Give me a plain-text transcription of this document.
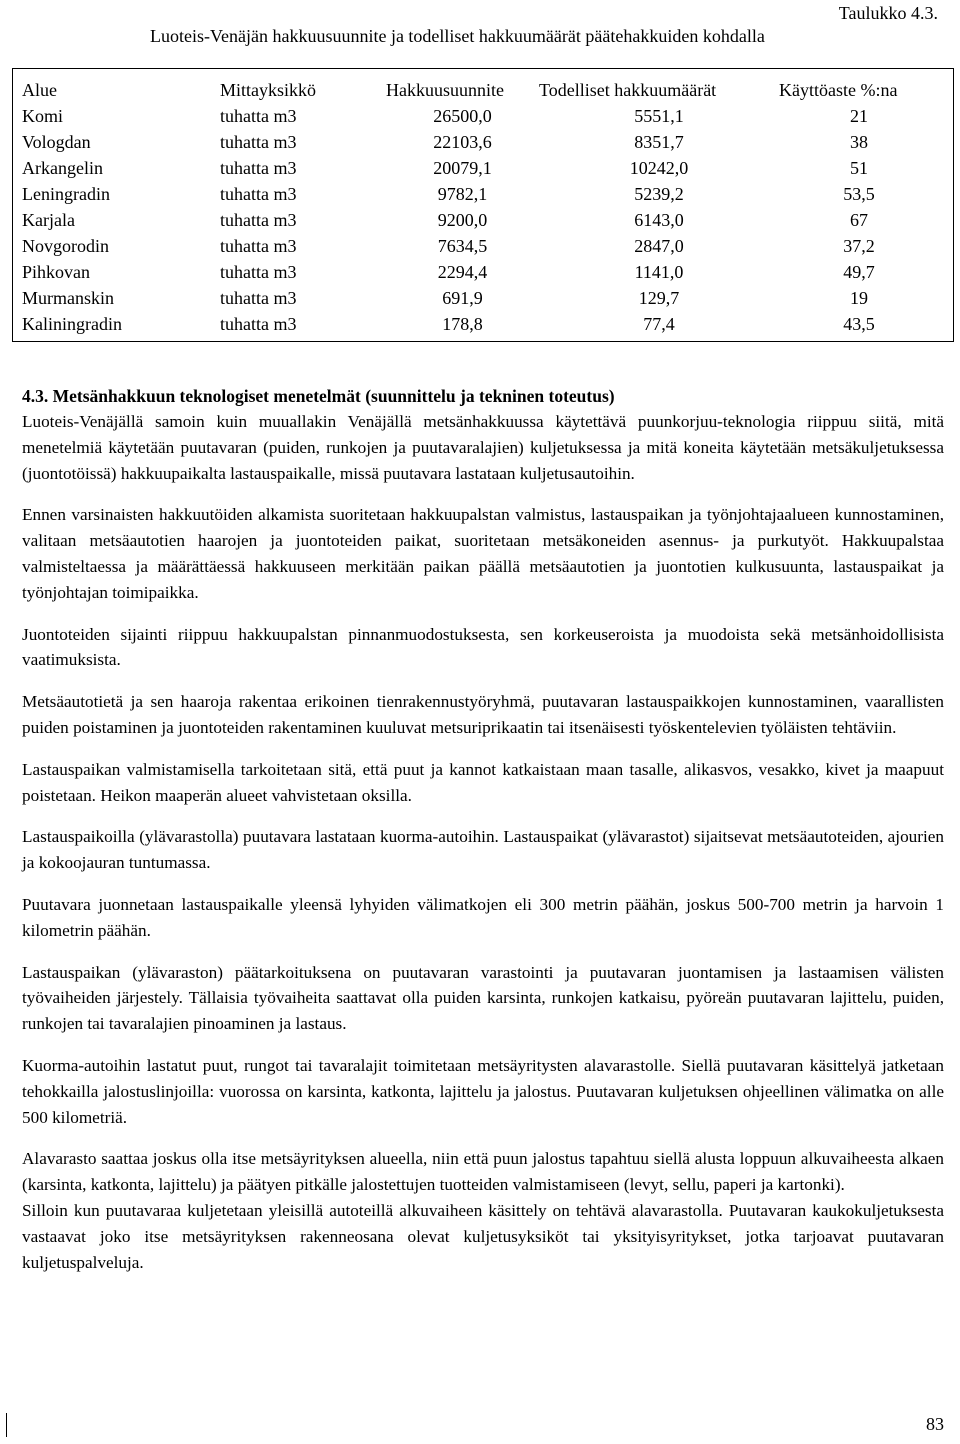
Taulukko 4.3.
Luoteis-Venäjän hakkuusuunnite ja todelliset hakkuumäärät päätehakkuiden kohdalla
Alue	Mittayksikkö	Hakkuusuunnite	Todelliset hakkuumäärät	Käyttöaste %:na
Komi	tuhatta m3	26500,0	5551,1	21
Vologdan	tuhatta m3	22103,6	8351,7	38
Arkangelin	tuhatta m3	20079,1	10242,0	51
Leningradin	tuhatta m3	9782,1	5239,2	53,5
Karjala	tuhatta m3	9200,0	6143,0	67
Novgorodin	tuhatta m3	7634,5	2847,0	37,2
Pihkovan	tuhatta m3	2294,4	1141,0	49,7
Murmanskin	tuhatta m3	691,9	129,7	19
Kaliningradin	tuhatta m3	178,8	77,4	43,5
4.3. Metsänhakkuun teknologiset menetelmät (suunnittelu ja tekninen toteutus)

Luoteis-Venäjällä samoin kuin muuallakin Venäjällä metsänhakkuussa käytettävä puunkorjuu-teknologia riippuu siitä, mitä menetelmiä käytetään puutavaran (puiden, runkojen ja puutavaralajien) kuljetuksessa ja mitä koneita käytetään metsäkuljetuksessa (juontotöissä) hakkuupaikalta lastauspaikalle, missä puutavara lastataan kuljetusautoihin.

Ennen varsinaisten hakkuutöiden alkamista suoritetaan hakkuupalstan valmistus, lastauspaikan ja työnjohtajaalueen kunnostaminen, valitaan metsäautotien haarojen ja juontoteiden paikat, suoritetaan metsäkoneiden asennus- ja purkutyöt. Hakkuupalstaa valmisteltaessa ja määrättäessä hakkuuseen merkitään paikan päällä metsäautotien ja juontotien kulkusuunta, lastauspaikat ja työnjohtajan toimipaikka.

Juontoteiden sijainti riippuu hakkuupalstan pinnanmuodostuksesta, sen korkeuseroista ja muodoista sekä metsänhoidollisista vaatimuksista.

Metsäautotietä ja sen haaroja rakentaa erikoinen tienrakennustyöryhmä, puutavaran lastauspaikkojen kunnostaminen, vaarallisten puiden poistaminen ja juontoteiden rakentaminen kuuluvat metsuriprikaatin tai itsenäisesti työskentelevien työläisten tehtäviin.

Lastauspaikan valmistamisella tarkoitetaan sitä, että puut ja kannot katkaistaan maan tasalle, alikasvos, vesakko, kivet ja maapuut poistetaan. Heikon maaperän alueet vahvistetaan oksilla.

Lastauspaikoilla (ylävarastolla) puutavara lastataan kuorma-autoihin. Lastauspaikat (ylävarastot) sijaitsevat metsäautoteiden, ajourien ja kokoojauran tuntumassa.

Puutavara juonnetaan lastauspaikalle yleensä lyhyiden välimatkojen eli 300 metrin päähän, joskus 500-700 metrin ja harvoin 1 kilometrin päähän.

Lastauspaikan (ylävaraston) päätarkoituksena on puutavaran varastointi ja puutavaran juontamisen ja lastaamisen välisten työvaiheiden järjestely. Tällaisia työvaiheita saattavat olla puiden karsinta, runkojen katkaisu, pyöreän puutavaran lajittelu, puiden, runkojen tai tavaralajien pinoaminen ja lastaus.

Kuorma-autoihin lastatut puut, rungot tai tavaralajit toimitetaan metsäyritysten alavarastolle. Siellä puutavaran käsittelyä jatketaan tehokkailla jalostuslinjoilla: vuorossa on karsinta, katkonta, lajittelu ja jalostus. Puutavaran kuljetuksen ohjeellinen välimatka on alle 500 kilometriä.

Alavarasto saattaa joskus olla itse metsäyrityksen alueella, niin että puun jalostus tapahtuu siellä alusta loppuun alkuvaiheesta alkaen (karsinta, katkonta, lajittelu) ja päätyen pitkälle jalostettujen tuotteiden valmistamiseen (levyt, sellu, paperi ja kartonki).

Silloin kun puutavaraa kuljetetaan yleisillä autoteillä alkuvaiheen käsittely on tehtävä alavarastolla. Puutavaran kaukokuljetuksesta vastaavat joko itse metsäyrityksen rakenneosana olevat kuljetusyksiköt tai yksityisyritykset, jotka tarjoavat puutavaran kuljetuspalveluja.

83
